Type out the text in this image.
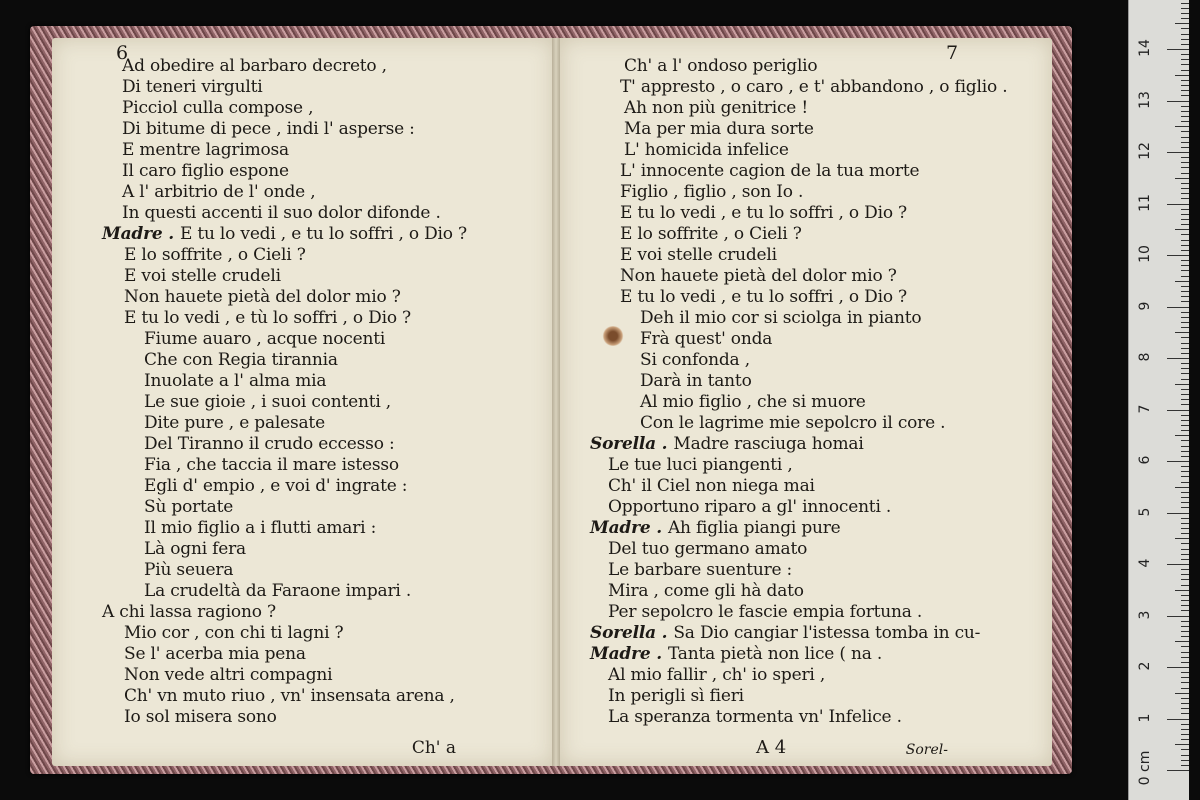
6
Ad obedire al barbaro decreto ,
Di teneri virgulti
Picciol culla compose ,
Di bitume di pece , indi l' asperse :
E mentre lagrimosa
Il caro figlio espone
A l' arbitrio de l' onde ,
In questi accenti il suo dolor difonde .
Madre . E tu lo vedi , e tu lo soffri , o Dio ?
E lo soffrite , o Cieli ?
E voi stelle crudeli
Non hauete pietà del dolor mio ?
E tu lo vedi , e tù lo soffri , o Dio ?
Fiume auaro , acque nocenti
Che con Regia tirannia
Inuolate a l' alma mia
Le sue gioie , i suoi contenti ,
Dite pure , e palesate
Del Tiranno il crudo eccesso :
Fia , che taccia il mare istesso
Egli d' empio , e voi d' ingrate :
Sù portate
Il mio figlio a i flutti amari :
Là ogni fera
Più seuera
La crudeltà da Faraone impari .
A chi lassa ragiono ?
Mio cor , con chi ti lagni ?
Se l' acerba mia pena
Non vede altri compagni
Ch' vn muto riuo , vn' insensata arena ,
Io sol misera sono
Ch' a
7
Ch' a l' ondoso periglio
T' appresto , o caro , e t' abbandono , o figlio .
Ah non più genitrice !
Ma per mia dura sorte
L' homicida infelice
L' innocente cagion de la tua morte
Figlio , figlio , son Io .
E tu lo vedi , e tu lo soffri , o Dio ?
E lo soffrite , o Cieli ?
E voi stelle crudeli
Non hauete pietà del dolor mio ?
E tu lo vedi , e tu lo soffri , o Dio ?
Deh il mio cor si sciolga in pianto
Frà quest' onda
Si confonda ,
Darà in tanto
Al mio figlio , che si muore
Con le lagrime mie sepolcro il core .
Sorella . Madre rasciuga homai
Le tue luci piangenti ,
Ch' il Ciel non niega mai
Opportuno riparo a gl' innocenti .
Madre . Ah figlia piangi pure
Del tuo germano amato
Le barbare suenture :
Mira , come gli hà dato
Per sepolcro le fascie empia fortuna .
Sorella . Sa Dio cangiar l'istessa tomba in cu-
Madre . Tanta pietà non lice ( na .
Al mio fallir , ch' io speri ,
In perigli sì fieri
La speranza tormenta vn' Infelice .
A 4	Sorel-
0 cm
1
2
3
4
5
6
7
8
9
10
11
12
13
14
